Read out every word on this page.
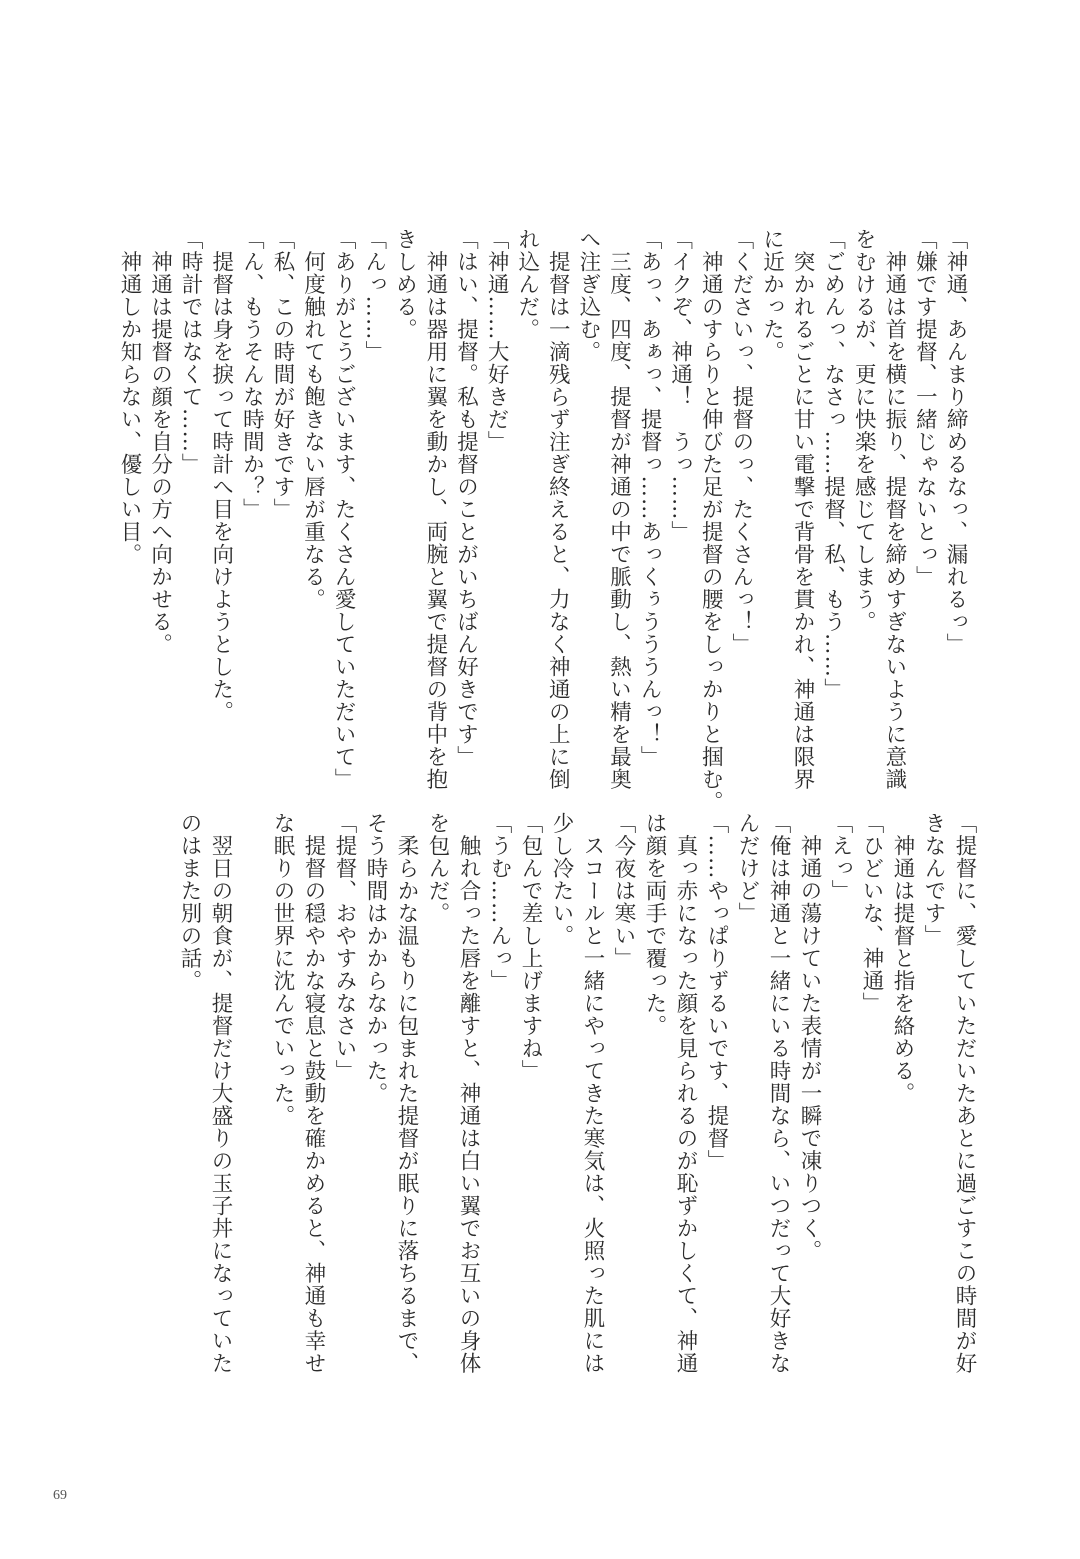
「神通、あんまり締めるなっ、漏れるっ」
「嫌です提督、一緒じゃないとっ」
　神通は首を横に振り、提督を締めすぎないように意識
をむけるが、更に快楽を感じてしまう。
「ごめんっ、なさっ……提督、私、もう……」
　突かれるごとに甘い電撃で背骨を貫かれ、神通は限界
に近かった。
「くださいっ、提督のっ、たくさんっ！」
　神通のすらりと伸びた足が提督の腰をしっかりと掴む。
「イクぞ、神通！　うっ……」
「あっ、あぁっ、提督っ……あっくぅうううんっ！」
　三度、四度、提督が神通の中で脈動し、熱い精を最奥
へ注ぎ込む。
　提督は一滴残らず注ぎ終えると、力なく神通の上に倒
れ込んだ。
「神通……大好きだ」
「はい、提督。私も提督のことがいちばん好きです」
　神通は器用に翼を動かし、両腕と翼で提督の背中を抱
きしめる。
「んっ……」
「ありがとうございます、たくさん愛していただいて」
　何度触れても飽きない唇が重なる。
「私、この時間が好きです」
「ん、もうそんな時間か？」
　提督は身を捩って時計へ目を向けようとした。
「時計ではなくて……」
　神通は提督の顔を自分の方へ向かせる。
　神通しか知らない、優しい目。
「提督に、愛していただいたあとに過ごすこの時間が好
きなんです」
　神通は提督と指を絡める。
「ひどいな、神通」
「えっ」
　神通の蕩けていた表情が一瞬で凍りつく。
「俺は神通と一緒にいる時間なら、いつだって大好きな
んだけど」
「……やっぱりずるいです、提督」
　真っ赤になった顔を見られるのが恥ずかしくて、神通
は顔を両手で覆った。
「今夜は寒い」
　スコールと一緒にやってきた寒気は、火照った肌には
少し冷たい。
「包んで差し上げますね」
「うむ……んっ」
　触れ合った唇を離すと、神通は白い翼でお互いの身体
を包んだ。
　柔らかな温もりに包まれた提督が眠りに落ちるまで、
そう時間はかからなかった。
「提督、おやすみなさい」
　提督の穏やかな寝息と鼓動を確かめると、神通も幸せ
な眠りの世界に沈んでいった。

　翌日の朝食が、提督だけ大盛りの玉子丼になっていた
のはまた別の話。
69
